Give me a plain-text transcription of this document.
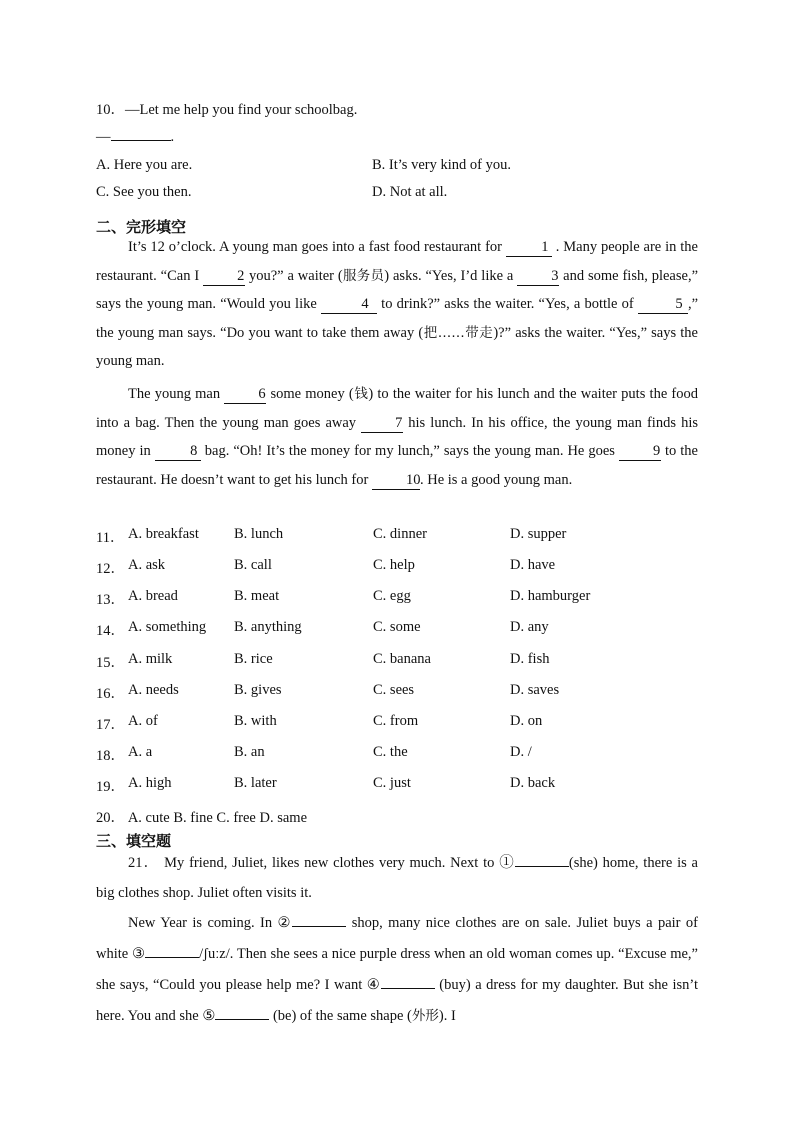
10．—Let me help you find your schoolbag.
—	.
A. Here you are.	B. It’s very kind of you.
C. See you then.	D. Not at all.
二、完形填空

It’s 12 o’clock. A young man goes into a fast food restaurant for 1 . Many people are in the restaurant. “Can I 2 you?” a waiter (服务员) asks. “Yes, I’d like a 3 and some fish, please,” says the young man. “Would you like	4 to drink?” asks the waiter. “Yes, a bottle of	5 ,” the young man says. “Do you want to take them away (把……带走)?” asks the waiter. “Yes,” says the young man.

The young man 6 some money (钱) to the waiter for his lunch and the waiter puts the food into a bag. Then the young man goes away 7 his lunch. In his office, the young man finds his money in 8 bag. “Oh! It’s the money for my lunch,” says the young man. He goes 9 to the restaurant. He doesn’t want to get his lunch for 10. He is a good young man.

11． A. breakfast B. lunch	C. dinner	D. supper
12． A. ask	B. call	C. help	D. have
13． A. bread	B. meat	C. egg	D. hamburger
14． A. something B. anything	C. some	D. any
15． A. milk	B. rice	C. banana	D. fish
16． A. needs	B. gives	C. sees	D. saves
17． A. of	B. with	C. from	D. on
18． A. a	B. an	C. the	D. /
19． A. high	B. later	C. just	D. back
20． A. cute B. fine C. free D. same
三、填空题

21． My friend, Juliet, likes new clothes very much. Next to ①	(she) home, there is a big clothes shop. Juliet often visits it.

New Year is coming. In ②	shop, many nice clothes are on sale. Juliet buys a pair of white ③	/ʃuːz/. Then she sees a nice purple dress when an old woman comes up. “Excuse me,” she says, “Could you please help me? I want ④	(buy) a dress for my daughter. But she isn’t here. You and she ⑤	(be) of the same shape (外形). I
